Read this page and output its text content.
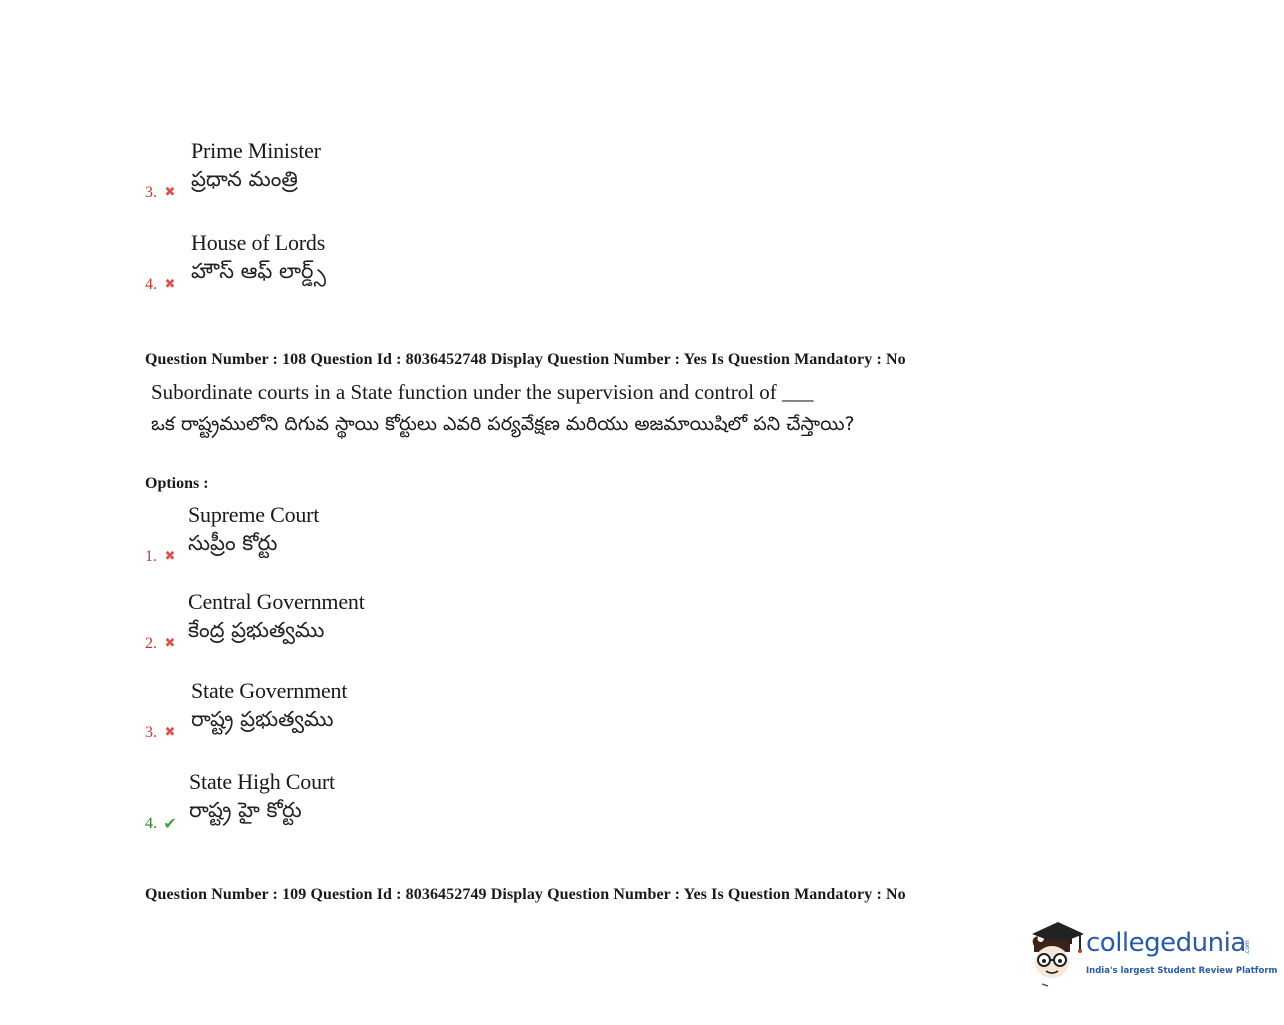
Prime Minister
ప్రధాన మంత్రి
3. ✖
House of Lords
హౌస్ ఆఫ్ లార్డ్స్
4. ✖
Question Number : 108 Question Id : 8036452748 Display Question Number : Yes Is Question Mandatory : No
Subordinate courts in a State function under the supervision and control of ___
ఒక రాష్ట్రములోని దిగువ స్థాయి కోర్టులు ఎవరి పర్యవేక్షణ మరియు అజమాయిషిలో పని చేస్తాయి?
Options :
Supreme Court
సుప్రీం కోర్టు
1. ✖
Central Government
కేంద్ర ప్రభుత్వము
2. ✖
State Government
రాష్ట్ర ప్రభుత్వము
3. ✖
State High Court
రాష్ట్ర హై కోర్టు
4. ✔
Question Number : 109 Question Id : 8036452749 Display Question Number : Yes Is Question Mandatory : No
collegedunia
.com
India's largest Student Review Platform
